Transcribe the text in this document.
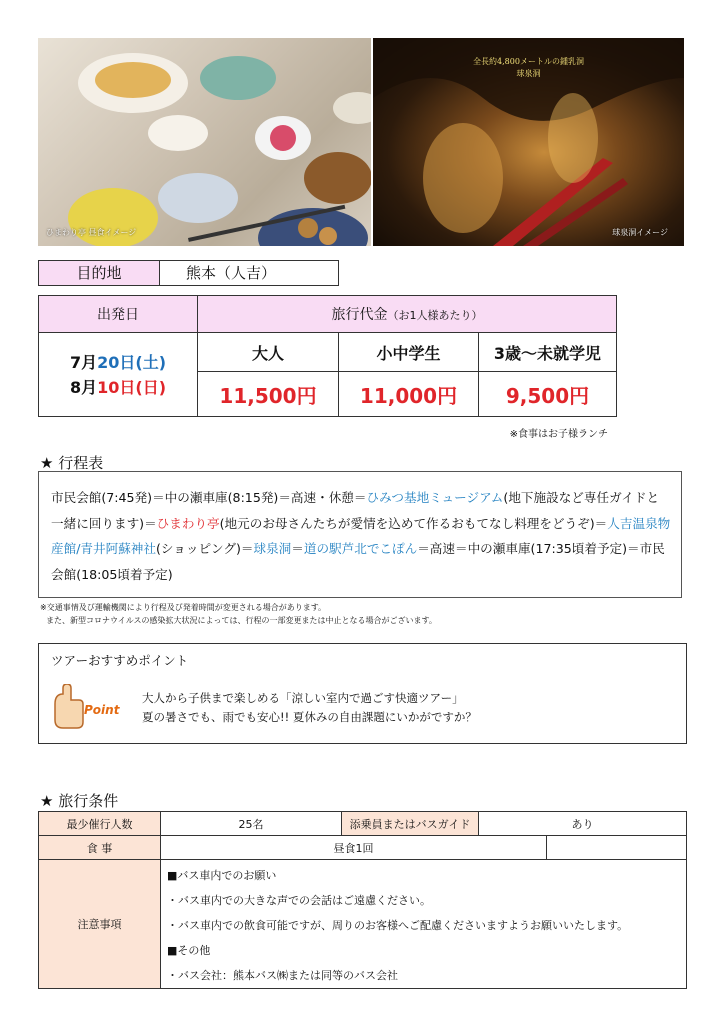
ひまわり亭 昼食イメージ
全長約4,800メートルの鍾乳洞
球泉洞
球泉洞イメージ
目的地	熊本（人吉）
出発日	旅行代金（お1人様あたり）		

7月20日(土)
8月10日(日)	大人	小中学生	3歳～未就学児
	11,500円	11,000円	9,500円
※食事はお子様ランチ
★ 行程表
市民会館(7:45発)＝中の瀬車庫(8:15発)＝高速・休憩＝ひみつ基地ミュージアム(地下施設など専任ガイドと一緒に回ります)＝ひまわり亭(地元のお母さんたちが愛情を込めて作るおもてなし料理をどうぞ)＝人吉温泉物産館/青井阿蘇神社(ショッピング)＝球泉洞＝道の駅芦北でこぽん＝高速＝中の瀬車庫(17:35頃着予定)＝市民会館(18:05頃着予定)
※交通事情及び運輸機関により行程及び発着時間が変更される場合があります。
また、新型コロナウイルスの感染拡大状況によっては、行程の一部変更または中止となる場合がございます。
ツアーおすすめポイント
Point
大人から子供まで楽しめる「涼しい室内で過ごす快適ツアー」
夏の暑さでも、雨でも安心!! 夏休みの自由課題にいかがですか？
★ 旅行条件
最少催行人数	25名	添乗員またはバスガイド	あり	
食 事	昼食1回			
注意事項	■バス車内でのお願い
・バス車内での大きな声での会話はご遠慮ください。
・バス車内での飲食可能ですが、周りのお客様へご配慮くださいますようお願いいたします。
■その他
・バス会社：熊本バス㈱または同等のバス会社			
